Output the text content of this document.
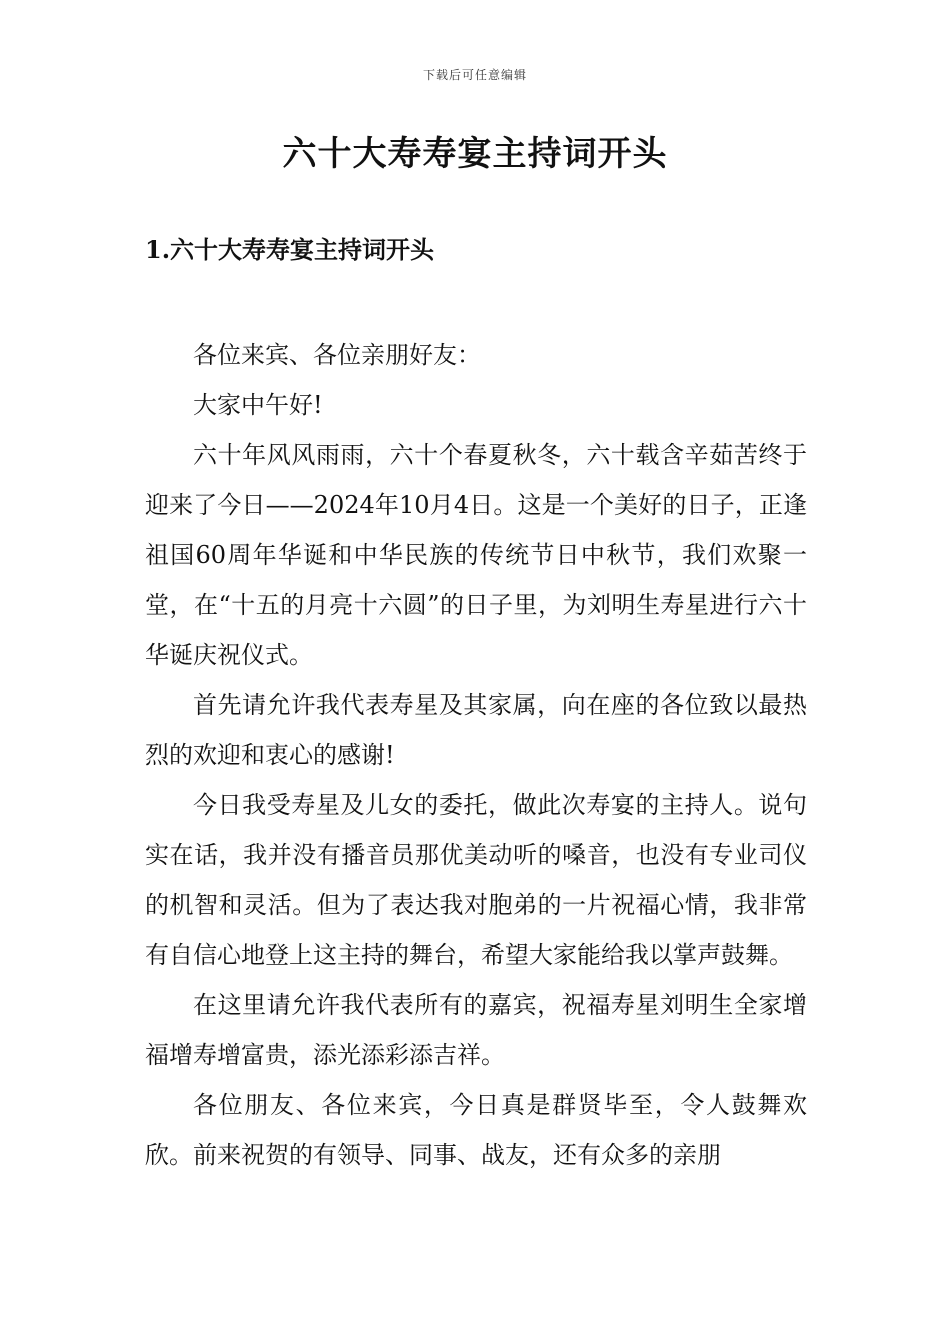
下载后可任意编辑
六十大寿寿宴主持词开头
1.六十大寿寿宴主持词开头

各位来宾、各位亲朋好友：

大家中午好!

六十年风风雨雨，六十个春夏秋冬，六十载含辛茹苦终于迎来了今日——2024年10月4日。这是一个美好的日子，正逢祖国60周年华诞和中华民族的传统节日中秋节，我们欢聚一堂，在“十五的月亮十六圆”的日子里，为刘明生寿星进行六十华诞庆祝仪式。

首先请允许我代表寿星及其家属，向在座的各位致以最热烈的欢迎和衷心的感谢!

今日我受寿星及儿女的委托，做此次寿宴的主持人。说句实在话，我并没有播音员那优美动听的嗓音，也没有专业司仪的机智和灵活。但为了表达我对胞弟的一片祝福心情，我非常有自信心地登上这主持的舞台，希望大家能给我以掌声鼓舞。

在这里请允许我代表所有的嘉宾，祝福寿星刘明生全家增福增寿增富贵，添光添彩添吉祥。

各位朋友、各位来宾，今日真是群贤毕至，令人鼓舞欢欣。前来祝贺的有领导、同事、战友，还有众多的亲朋
